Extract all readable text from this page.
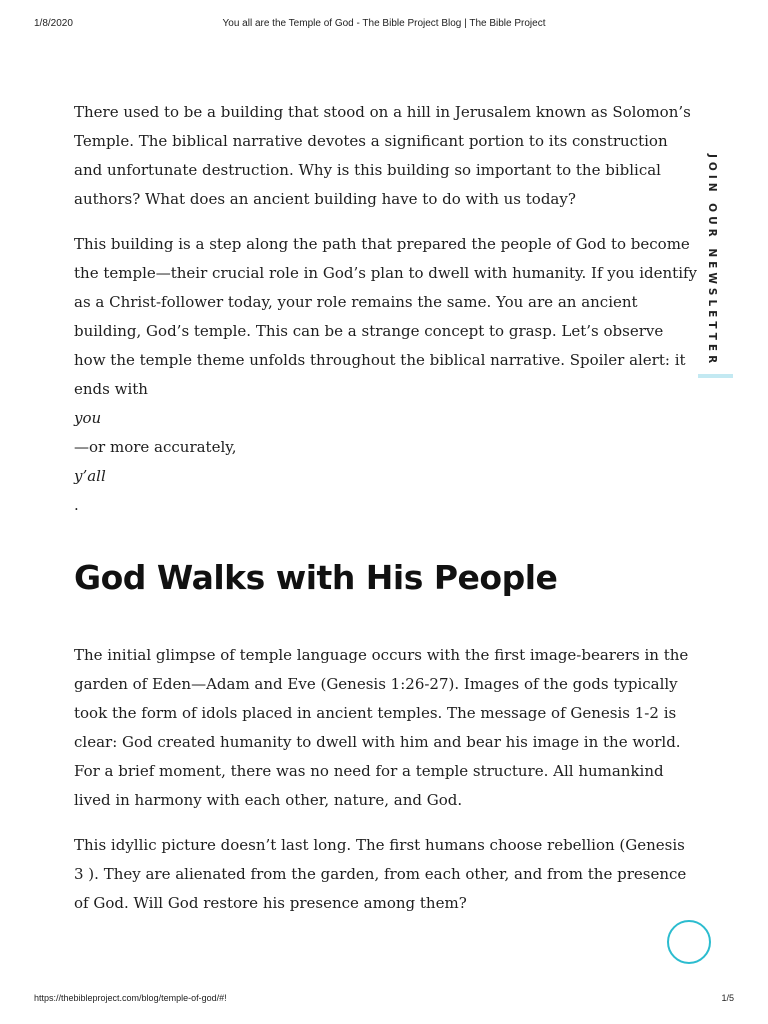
1/8/2020	You all are the Temple of God - The Bible Project Blog | The Bible Project

There used to be a building that stood on a hill in Jerusalem known as Solomon’s Temple. The biblical narrative devotes a significant portion to its construction and unfortunate destruction. Why is this building so important to the biblical authors? What does an ancient building have to do with us today?

This building is a step along the path that prepared the people of God to become the temple—their crucial role in God’s plan to dwell with humanity. If you identify as a Christ-follower today, your role remains the same. You are an ancient building, God’s temple. This can be a strange concept to grasp. Let’s observe how the temple theme unfolds throughout the biblical narrative. Spoiler alert: it ends with
you
—or more accurately,
y’all
.

God Walks with His People

The initial glimpse of temple language occurs with the first image-bearers in the garden of Eden—Adam and Eve (Genesis 1:26-27). Images of the gods typically took the form of idols placed in ancient temples. The message of Genesis 1-2 is clear: God created humanity to dwell with him and bear his image in the world. For a brief moment, there was no need for a temple structure. All humankind lived in harmony with each other, nature, and God.

This idyllic picture doesn’t last long. The first humans choose rebellion (Genesis 3 ). They are alienated from the garden, from each other, and from the presence of God. Will God restore his presence among them?

JOIN OUR NEWSLETTER
https://thebibleproject.com/blog/temple-of-god/#!	1/5
